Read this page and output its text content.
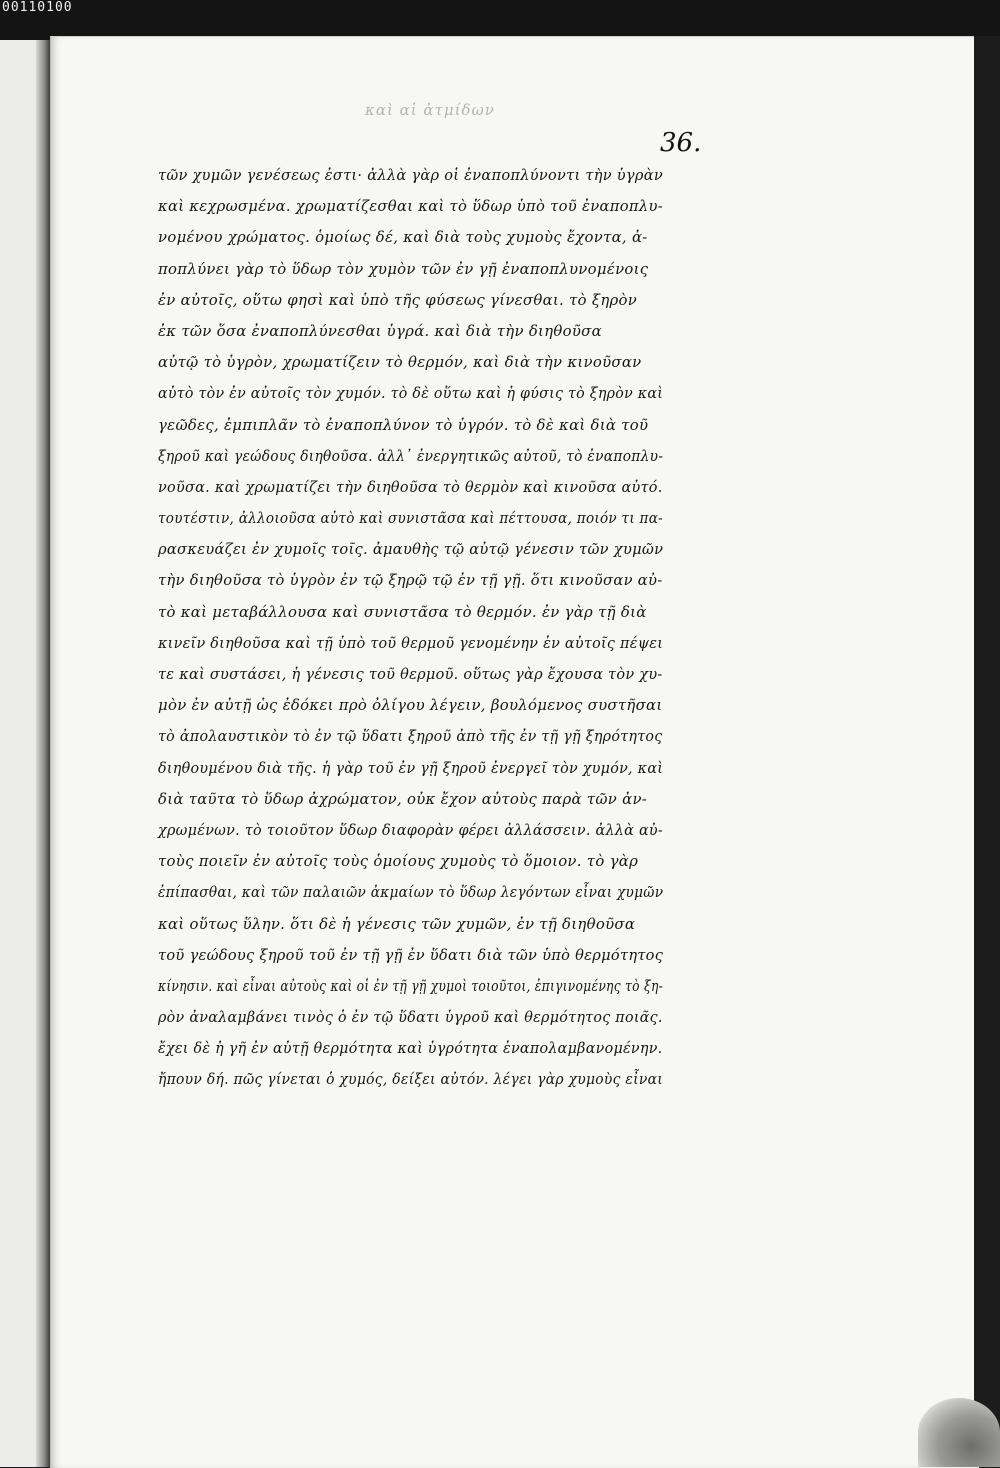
00110100
καὶ αἱ ἀτμίδων
36.
τῶν χυμῶν γενέσεως ἐστι· ἀλλὰ γὰρ οἱ ἐναποπλύνοντι τὴν ὑγρὰν
καὶ κεχρωσμένα. χρωματίζεσθαι καὶ τὸ ὕδωρ ὑπὸ τοῦ ἐναποπλυ-
νομένου χρώματος. ὁμοίως δέ, καὶ διὰ τοὺς χυμοὺς ἔχοντα, ἀ-
ποπλύνει γὰρ τὸ ὕδωρ τὸν χυμὸν τῶν ἐν γῇ ἐναποπλυνομένοις
ἐν αὐτοῖς, οὕτω φησὶ καὶ ὑπὸ τῆς φύσεως γίνεσθαι. τὸ ξηρὸν
ἐκ τῶν ὅσα ἐναποπλύνεσθαι ὑγρά. καὶ διὰ τὴν διηθοῦσα
αὐτῷ τὸ ὑγρὸν, χρωματίζειν τὸ θερμόν, καὶ διὰ τὴν κινοῦσαν
αὐτὸ τὸν ἐν αὐτοῖς τὸν χυμόν. τὸ δὲ οὕτω καὶ ἡ φύσις τὸ ξηρὸν καὶ
γεῶδες, ἐμπιπλᾶν τὸ ἐναποπλύνον τὸ ὑγρόν. τὸ δὲ καὶ διὰ τοῦ
ξηροῦ καὶ γεώδους διηθοῦσα. ἀλλ᾽ ἐνεργητικῶς αὐτοῦ, τὸ ἐναποπλυ-
νοῦσα. καὶ χρωματίζει τὴν διηθοῦσα τὸ θερμὸν καὶ κινοῦσα αὐτό.
τουτέστιν, ἀλλοιοῦσα αὐτὸ καὶ συνιστᾶσα καὶ πέττουσα, ποιόν τι πα-
ρασκευάζει ἐν χυμοῖς τοῖς. ἀμαυθὴς τῷ αὐτῷ γένεσιν τῶν χυμῶν
τὴν διηθοῦσα τὸ ὑγρὸν ἐν τῷ ξηρῷ τῷ ἐν τῇ γῇ. ὅτι κινοῦσαν αὐ-
τὸ καὶ μεταβάλλουσα καὶ συνιστᾶσα τὸ θερμόν. ἐν γὰρ τῇ διὰ
κινεῖν διηθοῦσα καὶ τῇ ὑπὸ τοῦ θερμοῦ γενομένην ἐν αὐτοῖς πέψει
τε καὶ συστάσει, ἡ γένεσις τοῦ θερμοῦ. οὕτως γὰρ ἔχουσα τὸν χυ-
μὸν ἐν αὐτῇ ὡς ἐδόκει πρὸ ὀλίγου λέγειν, βουλόμενος συστῆσαι
τὸ ἀπολαυστικὸν τὸ ἐν τῷ ὕδατι ξηροῦ ἀπὸ τῆς ἐν τῇ γῇ ξηρότητος
διηθουμένου διὰ τῆς. ἡ γὰρ τοῦ ἐν γῇ ξηροῦ ἐνεργεῖ τὸν χυμόν, καὶ
διὰ ταῦτα τὸ ὕδωρ ἀχρώματον, οὐκ ἔχον αὐτοὺς παρὰ τῶν ἀν-
χρωμένων. τὸ τοιοῦτον ὕδωρ διαφορὰν φέρει ἀλλάσσειν. ἀλλὰ αὐ-
τοὺς ποιεῖν ἐν αὐτοῖς τοὺς ὁμοίους χυμοὺς τὸ ὅμοιον. τὸ γὰρ
ἐπίπασθαι, καὶ τῶν παλαιῶν ἀκμαίων τὸ ὕδωρ λεγόντων εἶναι χυμῶν
καὶ οὕτως ὕλην. ὅτι δὲ ἡ γένεσις τῶν χυμῶν, ἐν τῇ διηθοῦσα
τοῦ γεώδους ξηροῦ τοῦ ἐν τῇ γῇ ἐν ὕδατι διὰ τῶν ὑπὸ θερμότητος
κίνησιν. καὶ εἶναι αὐτοὺς καὶ οἱ ἐν τῇ γῇ χυμοὶ τοιοῦτοι, ἐπιγινομένης τὸ ξη-
ρὸν ἀναλαμβάνει τινὸς ὁ ἐν τῷ ὕδατι ὑγροῦ καὶ θερμότητος ποιᾶς.
ἔχει δὲ ἡ γῆ ἐν αὐτῇ θερμότητα καὶ ὑγρότητα ἐναπολαμβανομένην.
ἤπουν δή. πῶς γίνεται ὁ χυμός, δείξει αὐτόν. λέγει γὰρ χυμοὺς εἶναι
